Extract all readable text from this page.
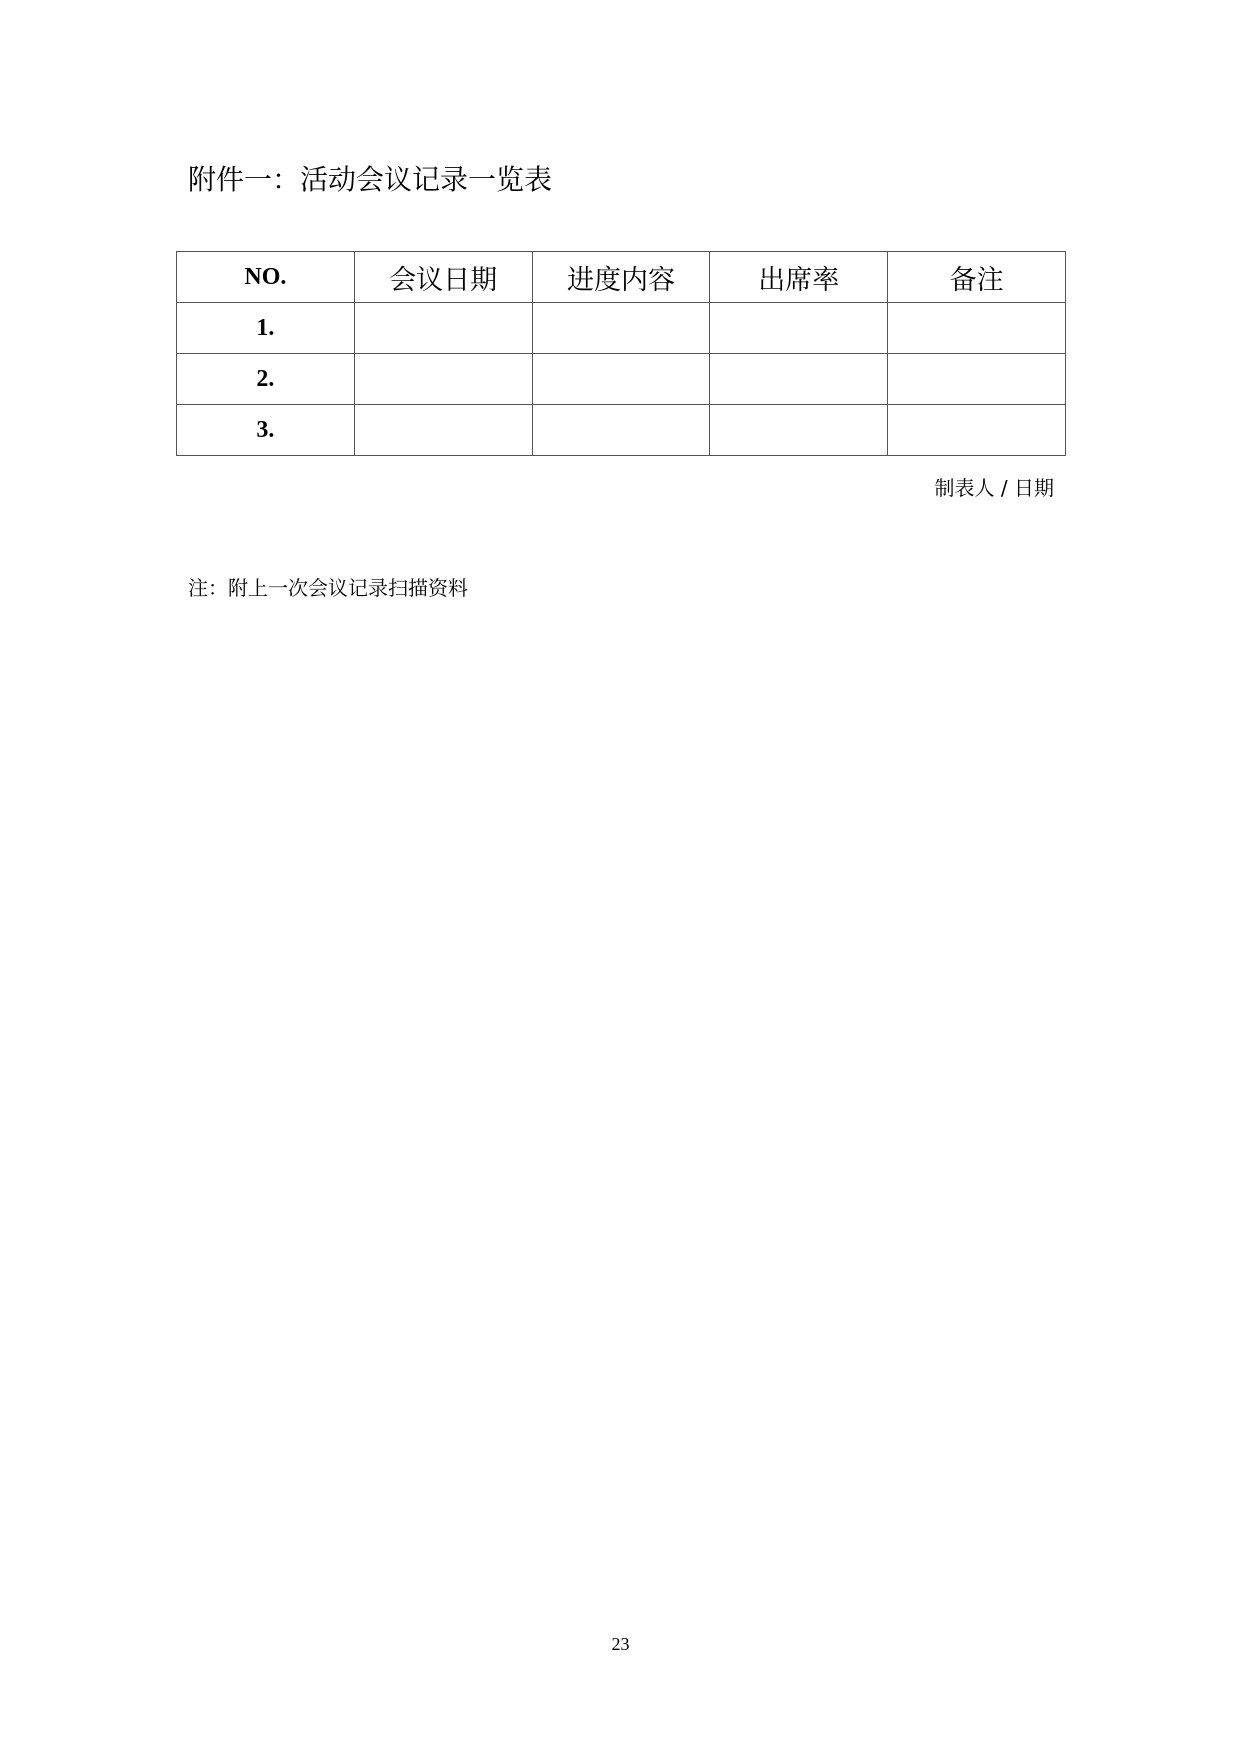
附件一：活动会议记录一览表
NO.	会议日期	进度内容	出席率	备注
1.				
2.				
3.				
制表人 / 日期
注：附上一次会议记录扫描资料
23
